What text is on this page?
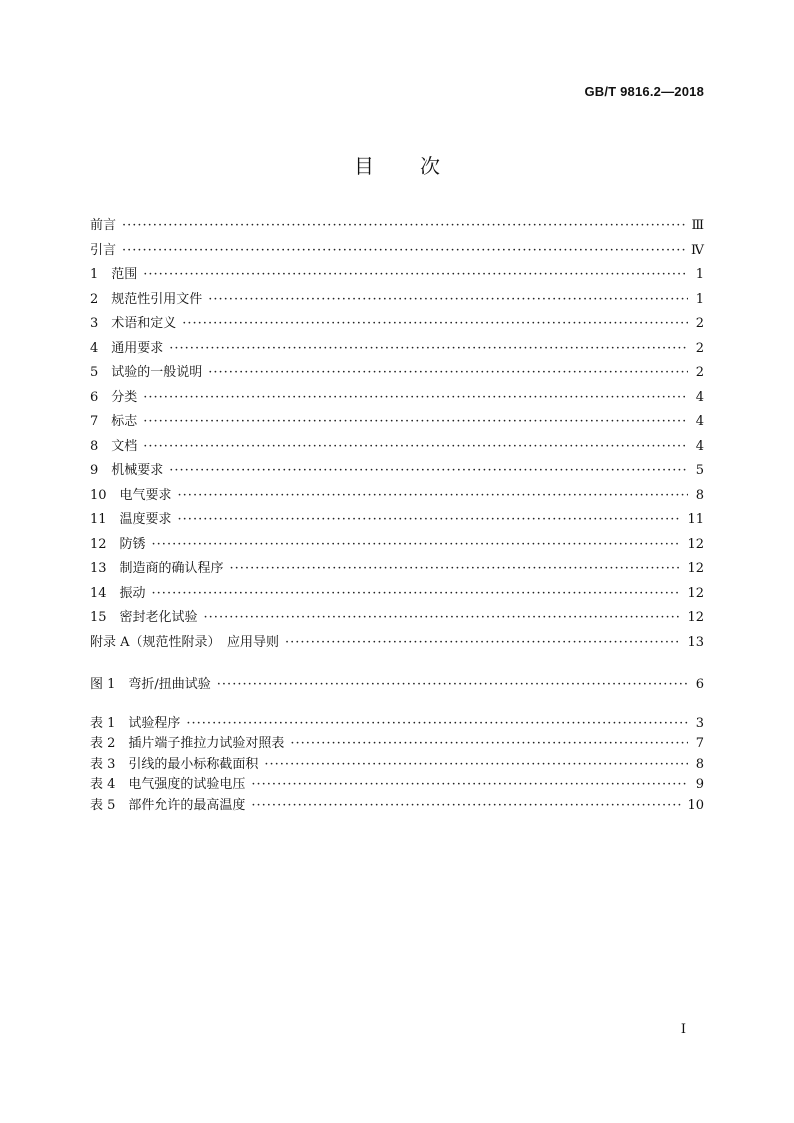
GB/T 9816.2—2018
目次
前言 ·····	Ⅲ
引言 ·····	Ⅳ
1　范围 ·····	1
2　规范性引用文件 ·····	1
3　术语和定义 ·····	2
4　通用要求 ·····	2
5　试验的一般说明 ·····	2
6　分类 ·····	4
7　标志 ·····	4
8　文档 ·····	4
9　机械要求 ·····	5
10　电气要求 ·····	8
11　温度要求 ·····	11
12　防锈 ·····	12
13　制造商的确认程序 ·····	12
14　振动 ·····	12
15　密封老化试验 ·····	12
附录 A（规范性附录）　应用导则 ·····	13
图 1　弯折/扭曲试验 ·····	6
表 1　试验程序 ·····	3
表 2　插片端子推拉力试验对照表 ·····	7
表 3　引线的最小标称截面积 ·····	8
表 4　电气强度的试验电压 ·····	9
表 5　部件允许的最高温度 ·····	10
I
